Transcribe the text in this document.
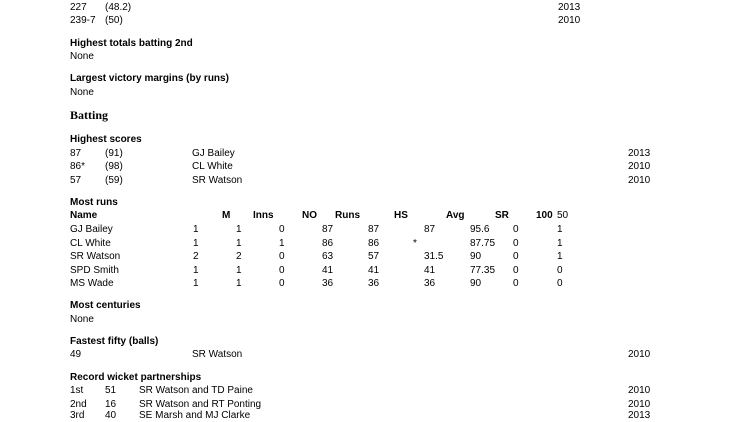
227 (48.2)	2013
239-7 (50)	2010
Highest totals batting 2nd
None
Largest victory margins (by runs)
None
Batting
Highest scores
87 (91)	GJ Bailey	2013
86* (98)	CL White	2010
57 (59)	SR Watson	2010
Most runs
Name	M Inns	NO Runs	HS	Avg	SR	100 50
GJ Bailey	1	1	0	87	87	87	95.6 0	1
CL White	1	1	1	86	86	*	87.75 0	1
SR Watson	2	2	0	63	57	31.5	90	0	1
SPD Smith	1	1	0	41	41	41	77.35 0	0
MS Wade	1	1	0	36	36	36	90	0	0
Most centuries
None
Fastest fifty (balls)
49	SR Watson	2010
Record wicket partnerships
1st 51 SR Watson and TD Paine	2010
2nd 16 SR Watson and RT Ponting	2010
3rd 40 SE Marsh and MJ Clarke	2013
